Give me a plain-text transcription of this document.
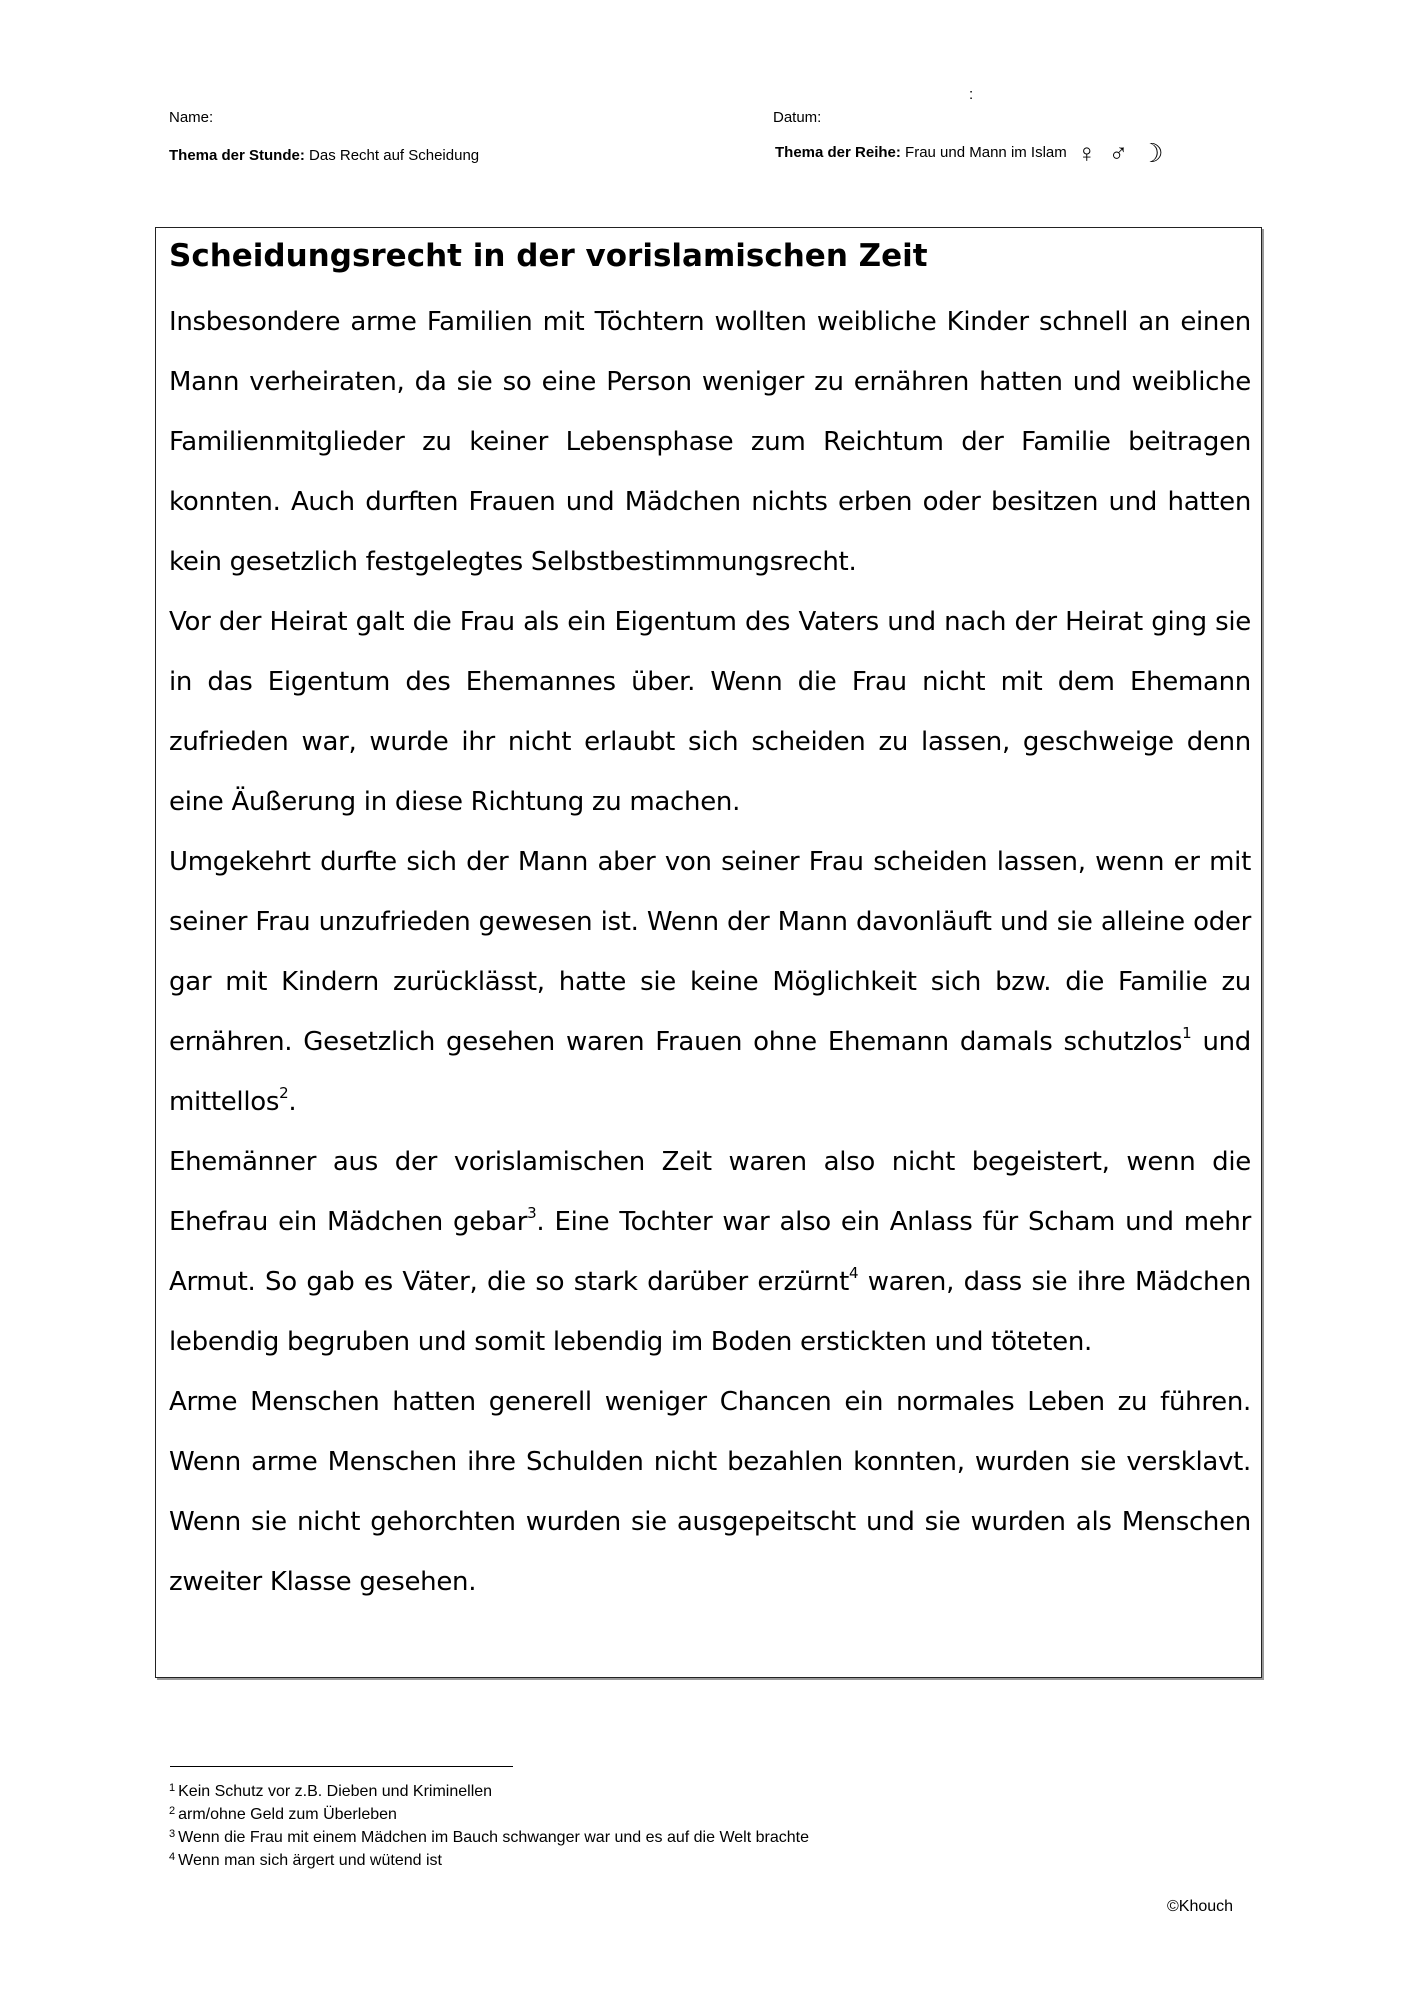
:
Name:	Datum:
Thema der Stunde: Das Recht auf Scheidung	Thema der Reihe: Frau und Mann im Islam ♀ ♂ ☽
Scheidungsrecht in der vorislamischen Zeit

Insbesondere arme Familien mit Töchtern wollten weibliche Kinder schnell an einen Mann verheiraten, da sie so eine Person weniger zu ernähren hatten und weibliche Familienmitglieder zu keiner Lebensphase zum Reichtum der Familie beitragen konnten. Auch durften Frauen und Mädchen nichts erben oder besitzen und hatten kein gesetzlich festgelegtes Selbstbestimmungsrecht.

Vor der Heirat galt die Frau als ein Eigentum des Vaters und nach der Heirat ging sie in das Eigentum des Ehemannes über. Wenn die Frau nicht mit dem Ehemann zufrieden war, wurde ihr nicht erlaubt sich scheiden zu lassen, geschweige denn eine Äußerung in diese Richtung zu machen.

Umgekehrt durfte sich der Mann aber von seiner Frau scheiden lassen, wenn er mit seiner Frau unzufrieden gewesen ist. Wenn der Mann davonläuft und sie alleine oder gar mit Kindern zurücklässt, hatte sie keine Möglichkeit sich bzw. die Familie zu ernähren. Gesetzlich gesehen waren Frauen ohne Ehemann damals schutzlos$^1$ und mittellos$^2$.

Ehemänner aus der vorislamischen Zeit waren also nicht begeistert, wenn die Ehefrau ein Mädchen gebar$^3$. Eine Tochter war also ein Anlass für Scham und mehr Armut. So gab es Väter, die so stark darüber erzürnt$^4$ waren, dass sie ihre Mädchen lebendig begruben und somit lebendig im Boden erstickten und töteten.

Arme Menschen hatten generell weniger Chancen ein normales Leben zu führen. Wenn arme Menschen ihre Schulden nicht bezahlen konnten, wurden sie versklavt. Wenn sie nicht gehorchten wurden sie ausgepeitscht und sie wurden als Menschen zweiter Klasse gesehen.

$^1$ Kein Schutz vor z.B. Dieben und Kriminellen
$^2$ arm/ohne Geld zum Überleben
$^3$ Wenn die Frau mit einem Mädchen im Bauch schwanger war und es auf die Welt brachte
$^4$ Wenn man sich ärgert und wütend ist
©Khouch
